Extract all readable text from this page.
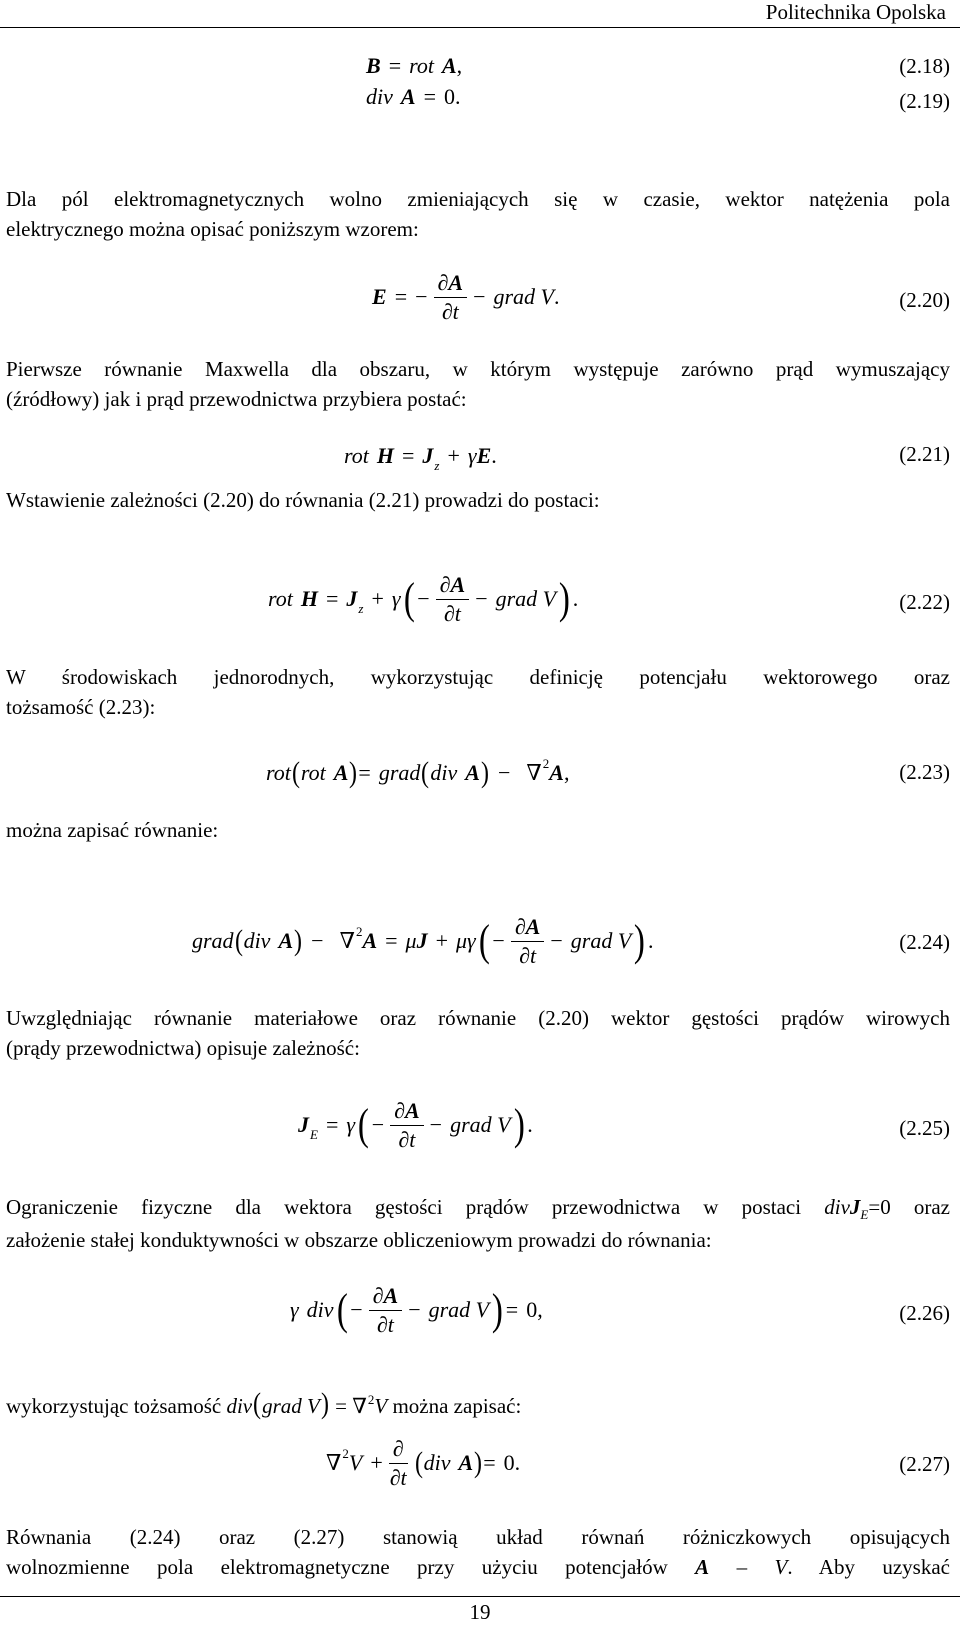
Politechnika Opolska
B = rot A ,	(2.18)
div A = 0 .	(2.19)
Dla pól elektromagnetycznych wolno zmieniających się w czasie, wektor natężenia pola
elektrycznego można opisać poniższym wzorem:
E = − $\frac{\partial A}{\partial t}$ − grad V .	(2.20)
Pierwsze równanie Maxwella dla obszaru, w którym występuje zarówno prąd wymuszający
(źródłowy) jak i prąd przewodnictwa przybiera postać:
rot H = J z + γ E .	(2.21)
Wstawienie zależności (2.20) do równania (2.21) prowadzi do postaci:
rot H = J z + γ ( − $\frac{\partial A}{\partial t}$ − grad V ) .	(2.22)
W środowiskach jednorodnych, wykorzystując definicję potencjału wektorowego oraz
tożsamość (2.23):
rot ( rot A ) = grad ( div A ) − ∇ 2 A ,	(2.23)
można zapisać równanie:
grad ( div A ) − ∇ 2 A = μ J + μγ ( − $\frac{\partial A}{\partial t}$ − grad V ) .	(2.24)
Uwzględniając równanie materiałowe oraz równanie (2.20) wektor gęstości prądów wirowych
(prądy przewodnictwa) opisuje zależność:
J E = γ ( − $\frac{\partial A}{\partial t}$ − grad V ) .	(2.25)
Ograniczenie fizyczne dla wektora gęstości prądów przewodnictwa w postaci divJ$_E$=0 oraz
założenie stałej konduktywności w obszarze obliczeniowym prowadzi do równania:
γ div ( − $\frac{\partial A}{\partial t}$ − grad V ) = 0 ,	(2.26)
wykorzystując tożsamość div(grad V) = ∇$^2$V można zapisać:
∇ 2 $V + \frac{\partial}{\partial t}$ ( div A ) = 0 .	(2.27)
Równania (2.24) oraz (2.27) stanowią układ równań różniczkowych opisujących
wolnozmienne pola elektromagnetyczne przy użyciu potencjałów A – V. Aby uzyskać
19
